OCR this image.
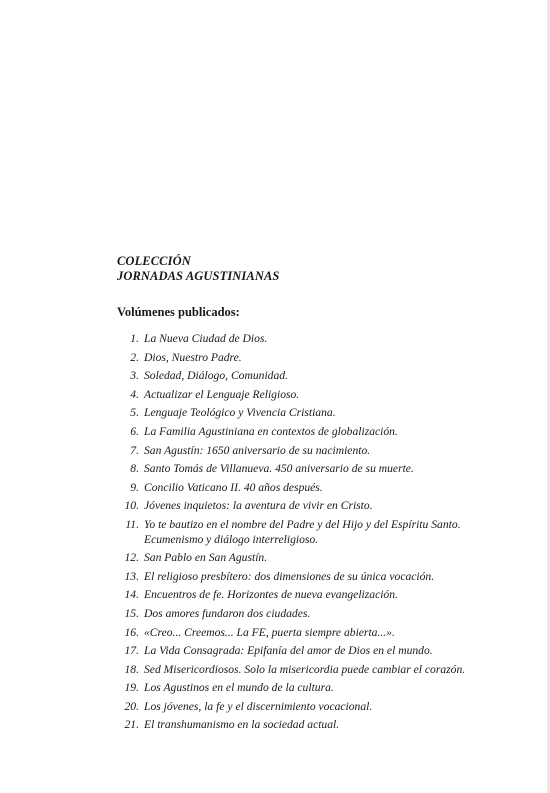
COLECCIÓN
JORNADAS AGUSTINIANAS
Volúmenes publicados:
1. La Nueva Ciudad de Dios.
2. Dios, Nuestro Padre.
3. Soledad, Diálogo, Comunidad.
4. Actualizar el Lenguaje Religioso.
5. Lenguaje Teológico y Vivencia Cristiana.
6. La Familia Agustiniana en contextos de globalización.
7. San Agustín: 1650 aniversario de su nacimiento.
8. Santo Tomás de Villanueva. 450 aniversario de su muerte.
9. Concilio Vaticano II. 40 años después.
10. Jóvenes inquietos: la aventura de vivir en Cristo.
11. Yo te bautizo en el nombre del Padre y del Hijo y del Espíritu Santo.
Ecumenismo y diálogo interreligioso.
12. San Pablo en San Agustín.
13. El religioso presbítero: dos dimensiones de su única vocación.
14. Encuentros de fe. Horizontes de nueva evangelización.
15. Dos amores fundaron dos ciudades.
16. «Creo... Creemos... La FE, puerta siempre abierta...».
17. La Vida Consagrada: Epifanía del amor de Dios en el mundo.
18. Sed Misericordiosos. Solo la misericordia puede cambiar el corazón.
19. Los Agustinos en el mundo de la cultura.
20. Los jóvenes, la fe y el discernimiento vocacional.
21. El transhumanismo en la sociedad actual.
